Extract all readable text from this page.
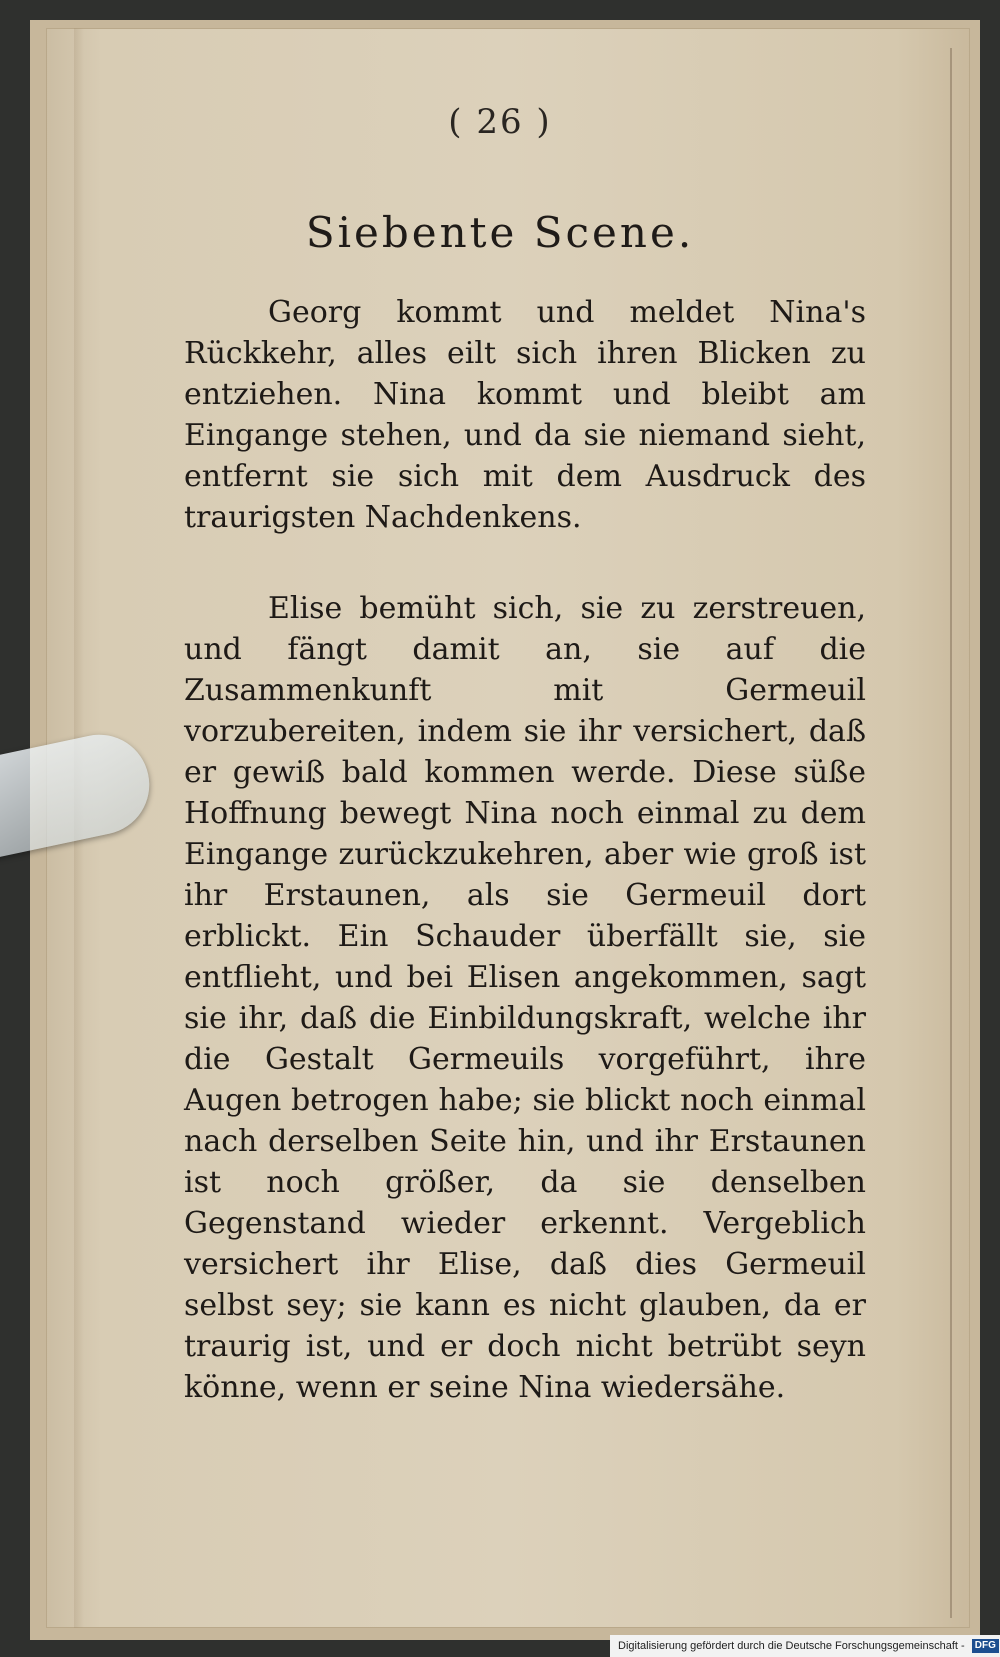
( 26 )
Siebente Scene.

Georg kommt und meldet Nina's Rückkehr, alles eilt sich ihren Blicken zu entziehen. Nina kommt und bleibt am Eingange stehen, und da sie niemand sieht, entfernt sie sich mit dem Ausdruck des traurigsten Nachdenkens.

Elise bemüht sich, sie zu zerstreuen, und fängt damit an, sie auf die Zusammenkunft mit Germeuil vorzubereiten, indem sie ihr versichert, daß er gewiß bald kommen werde. Diese süße Hoffnung bewegt Nina noch einmal zu dem Eingange zurückzukehren, aber wie groß ist ihr Erstaunen, als sie Germeuil dort erblickt. Ein Schauder überfällt sie, sie entflieht, und bei Elisen angekommen, sagt sie ihr, daß die Einbildungskraft, welche ihr die Gestalt Germeuils vorgeführt, ihre Augen betrogen habe; sie blickt noch einmal nach derselben Seite hin, und ihr Erstaunen ist noch größer, da sie denselben Gegenstand wieder erkennt. Vergeblich versichert ihr Elise, daß dies Germeuil selbst sey; sie kann es nicht glauben, da er traurig ist, und er doch nicht betrübt seyn könne, wenn er seine Nina wiedersähe.

Digitalisierung gefördert durch die Deutsche Forschungsgemeinschaft - DFG
